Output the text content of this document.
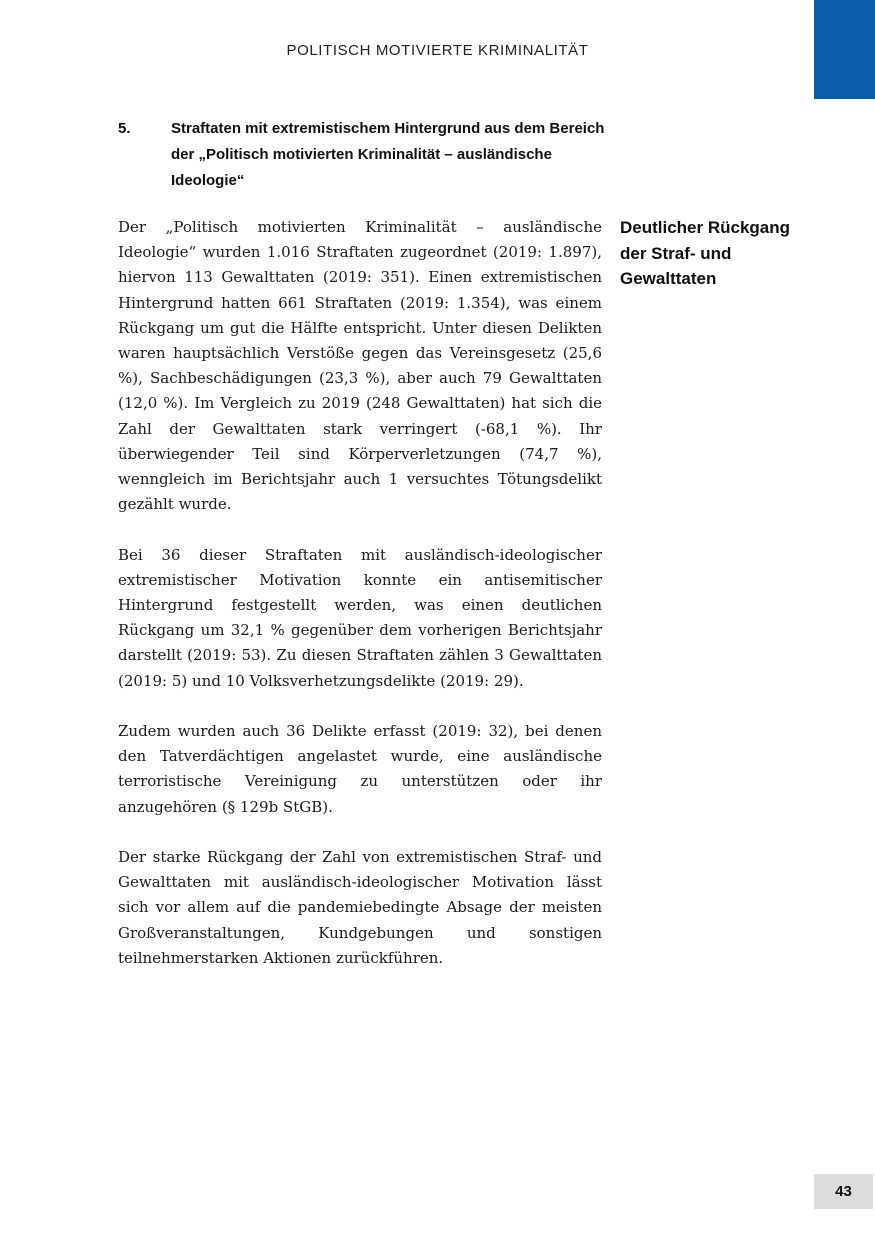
POLITISCH MOTIVIERTE KRIMINALITÄT
5.	Straftaten mit extremistischem Hintergrund aus dem Bereich der „Politisch motivierten Kriminalität – ausländische Ideologie“

Der „Politisch motivierten Kriminalität – ausländische Ideologie“ wurden 1.016 Straftaten zugeordnet (2019: 1.897), hiervon 113 Gewalttaten (2019: 351). Einen extremistischen Hintergrund hatten 661 Straftaten (2019: 1.354), was einem Rückgang um gut die Hälfte entspricht. Unter diesen Delikten waren hauptsächlich Verstöße gegen das Vereinsgesetz (25,6 %), Sachbeschädigungen (23,3 %), aber auch 79 Gewalttaten (12,0 %). Im Vergleich zu 2019 (248 Gewalttaten) hat sich die Zahl der Gewalttaten stark verringert (-68,1 %). Ihr überwiegender Teil sind Körperverletzungen (74,7 %), wenngleich im Berichtsjahr auch 1 versuchtes Tötungsdelikt gezählt wurde.

Bei 36 dieser Straftaten mit ausländisch-ideologischer extremistischer Motivation konnte ein antisemitischer Hintergrund festgestellt werden, was einen deutlichen Rückgang um 32,1 % gegenüber dem vorherigen Berichtsjahr darstellt (2019: 53). Zu diesen Straftaten zählen 3 Gewalttaten (2019: 5) und 10 Volksverhetzungsdelikte (2019: 29).

Zudem wurden auch 36 Delikte erfasst (2019: 32), bei denen den Tatverdächtigen angelastet wurde, eine ausländische terroristische Vereinigung zu unterstützen oder ihr anzugehören (§ 129b StGB).

Der starke Rückgang der Zahl von extremistischen Straf- und Gewalttaten mit ausländisch-ideologischer Motivation lässt sich vor allem auf die pandemiebedingte Absage der meisten Großveranstaltungen, Kundgebungen und sonstigen teilnehmerstarken Aktionen zurückführen.

Deutlicher Rückgang der Straf- und Gewalttaten
43
